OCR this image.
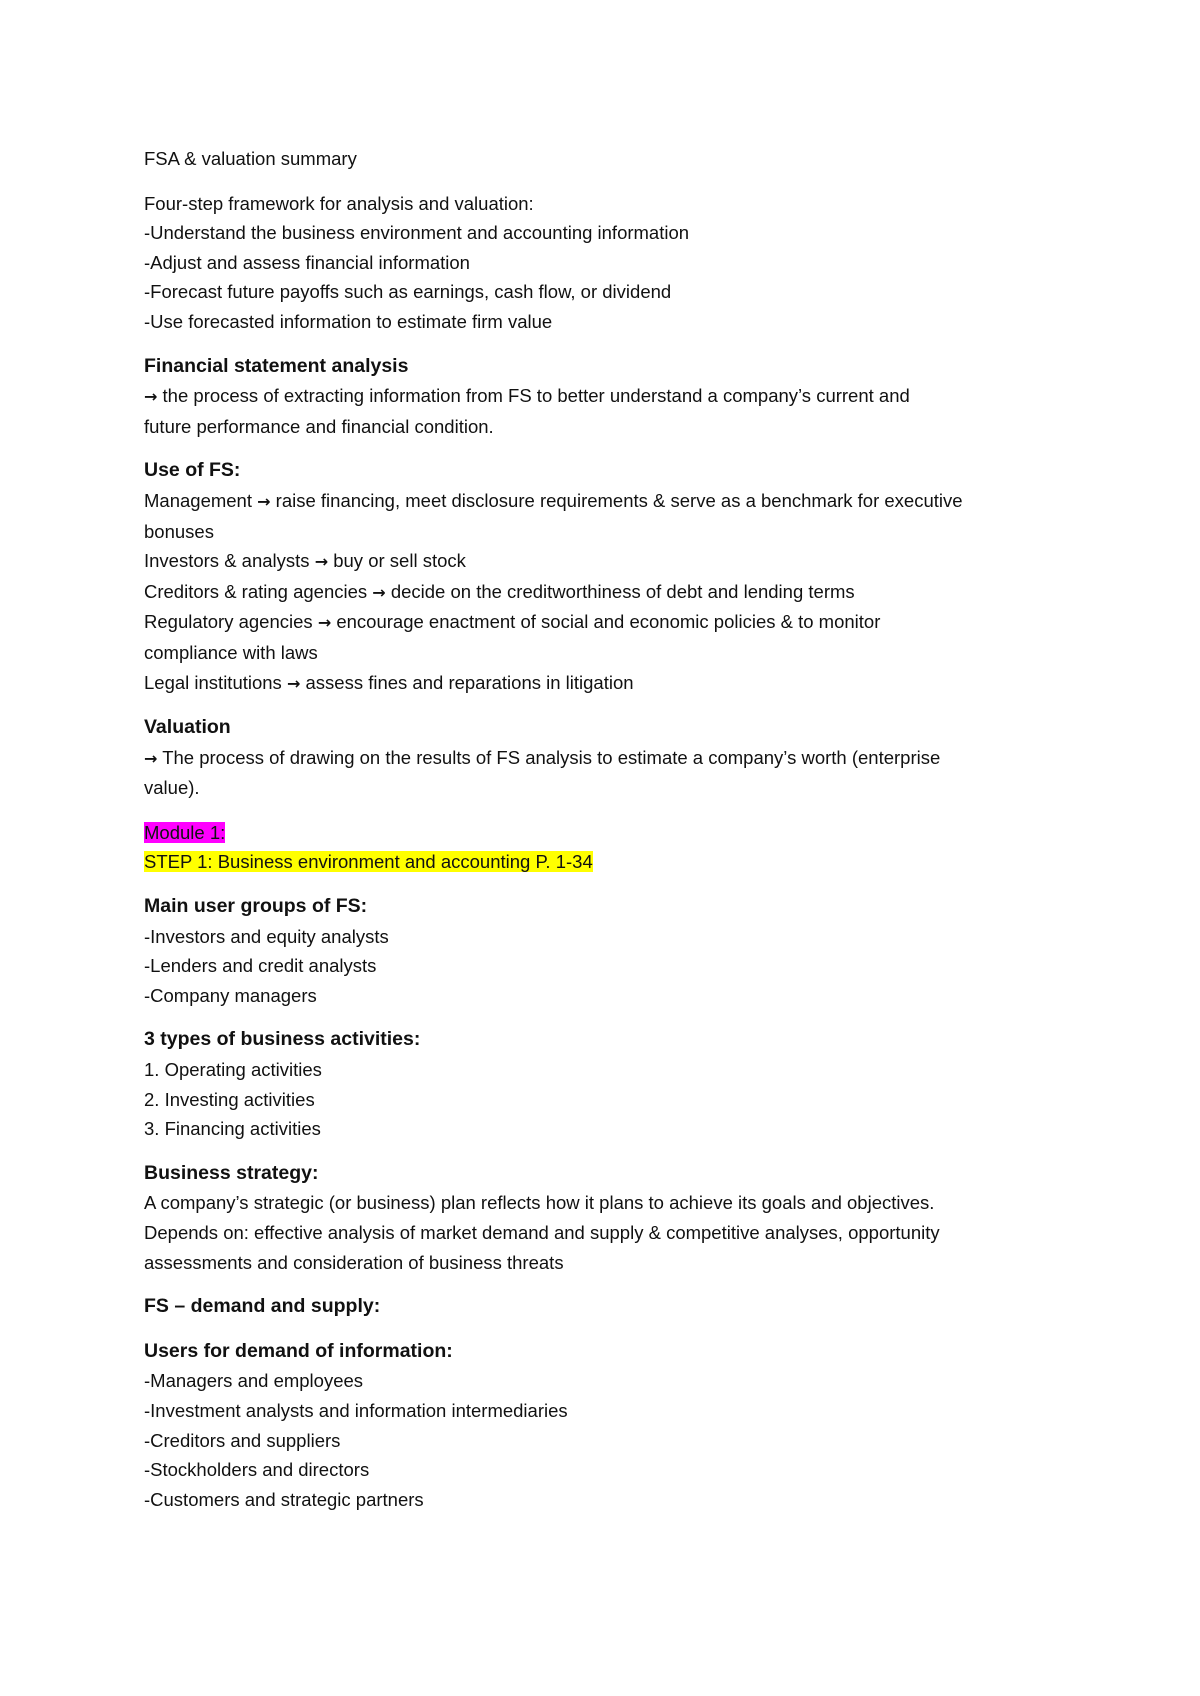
FSA & valuation summary
Four-step framework for analysis and valuation:
-Understand the business environment and accounting information
-Adjust and assess financial information
-Forecast future payoffs such as earnings, cash flow, or dividend
-Use forecasted information to estimate firm value
Financial statement analysis
→ the process of extracting information from FS to better understand a company’s current and
future performance and financial condition.
Use of FS:
Management → raise financing, meet disclosure requirements & serve as a benchmark for executive
bonuses
Investors & analysts → buy or sell stock
Creditors & rating agencies → decide on the creditworthiness of debt and lending terms
Regulatory agencies → encourage enactment of social and economic policies & to monitor
compliance with laws
Legal institutions → assess fines and reparations in litigation
Valuation
→ The process of drawing on the results of FS analysis to estimate a company’s worth (enterprise
value).
Module 1:
STEP 1: Business environment and accounting P. 1-34
Main user groups of FS:
-Investors and equity analysts
-Lenders and credit analysts
-Company managers
3 types of business activities:
1. Operating activities
2. Investing activities
3. Financing activities
Business strategy:
A company’s strategic (or business) plan reflects how it plans to achieve its goals and objectives.
Depends on: effective analysis of market demand and supply & competitive analyses, opportunity
assessments and consideration of business threats
FS – demand and supply:
Users for demand of information:
-Managers and employees
-Investment analysts and information intermediaries
-Creditors and suppliers
-Stockholders and directors
-Customers and strategic partners
